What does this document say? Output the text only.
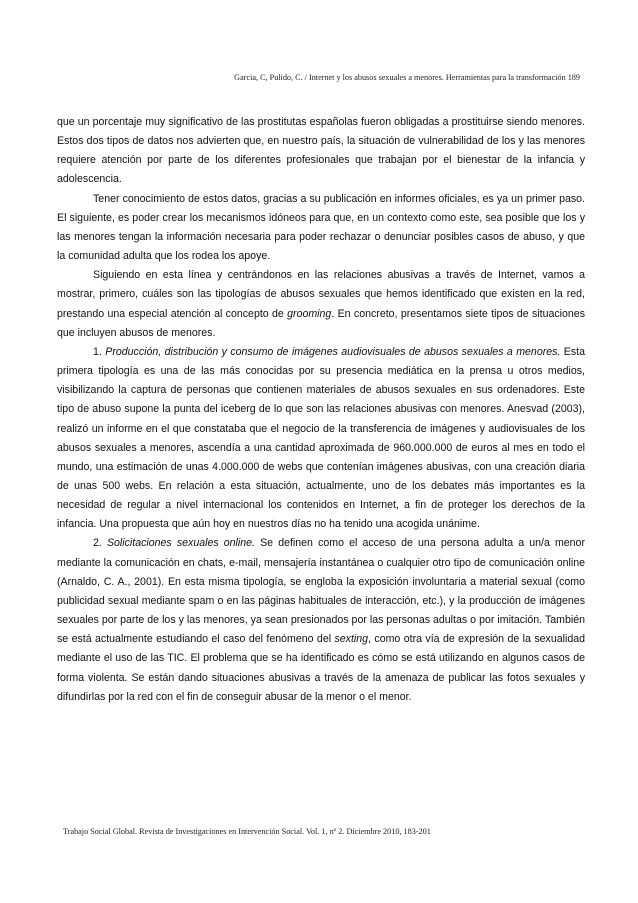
Garcia, C, Pulido, C. / Internet y los abusos sexuales a menores. Herramientas para la transformación 189

que un porcentaje muy significativo de las prostitutas españolas fueron obligadas a prostituirse siendo menores. Estos dos tipos de datos nos advierten que, en nuestro país, la situación de vulnerabilidad de los y las menores requiere atención por parte de los diferentes profesionales que trabajan por el bienestar de la infancia y adolescencia.

Tener conocimiento de estos datos, gracias a su publicación en informes oficiales, es ya un primer paso. El siguiente, es poder crear los mecanismos idóneos para que, en un contexto como este, sea posible que los y las menores tengan la información necesaria para poder rechazar o denunciar posibles casos de abuso, y que la comunidad adulta que los rodea los apoye.

Siguiendo en esta línea y centrándonos en las relaciones abusivas a través de Internet, vamos a mostrar, primero, cuáles son las tipologías de abusos sexuales que hemos identificado que existen en la red, prestando una especial atención al concepto de grooming. En concreto, presentamos siete tipos de situaciones que incluyen abusos de menores.

1. Producción, distribución y consumo de imágenes audiovisuales de abusos sexuales a menores. Esta primera tipología es una de las más conocidas por su presencia mediática en la prensa u otros medios, visibilizando la captura de personas que contienen materiales de abusos sexuales en sus ordenadores. Este tipo de abuso supone la punta del iceberg de lo que son las relaciones abusivas con menores. Anesvad (2003), realizó un informe en el que constataba que el negocio de la transferencia de imágenes y audiovisuales de los abusos sexuales a menores, ascendía a una cantidad aproximada de 960.000.000 de euros al mes en todo el mundo, una estimación de unas 4.000.000 de webs que contenían imágenes abusivas, con una creación diaria de unas 500 webs. En relación a esta situación, actualmente, uno de los debates más importantes es la necesidad de regular a nivel internacional los contenidos en Internet, a fin de proteger los derechos de la infancia. Una propuesta que aún hoy en nuestros días no ha tenido una acogida unánime.

2. Solicitaciones sexuales online. Se definen como el acceso de una persona adulta a un/a menor mediante la comunicación en chats, e-mail, mensajería instantánea o cualquier otro tipo de comunicación online (Arnaldo, C. A., 2001). En esta misma tipología, se engloba la exposición involuntaria a material sexual (como publicidad sexual mediante spam o en las páginas habituales de interacción, etc.), y la producción de imágenes sexuales por parte de los y las menores, ya sean presionados por las personas adultas o por imitación. También se está actualmente estudiando el caso del fenómeno del sexting, como otra vía de expresión de la sexualidad mediante el uso de las TIC. El problema que se ha identificado es cómo se está utilizando en algunos casos de forma violenta. Se están dando situaciones abusivas a través de la amenaza de publicar las fotos sexuales y difundirlas por la red con el fin de conseguir abusar de la menor o el menor.

Trabajo Social Global. Revista de Investigaciones en Intervención Social. Vol. 1, nº 2. Diciembre 2010, 183-201
